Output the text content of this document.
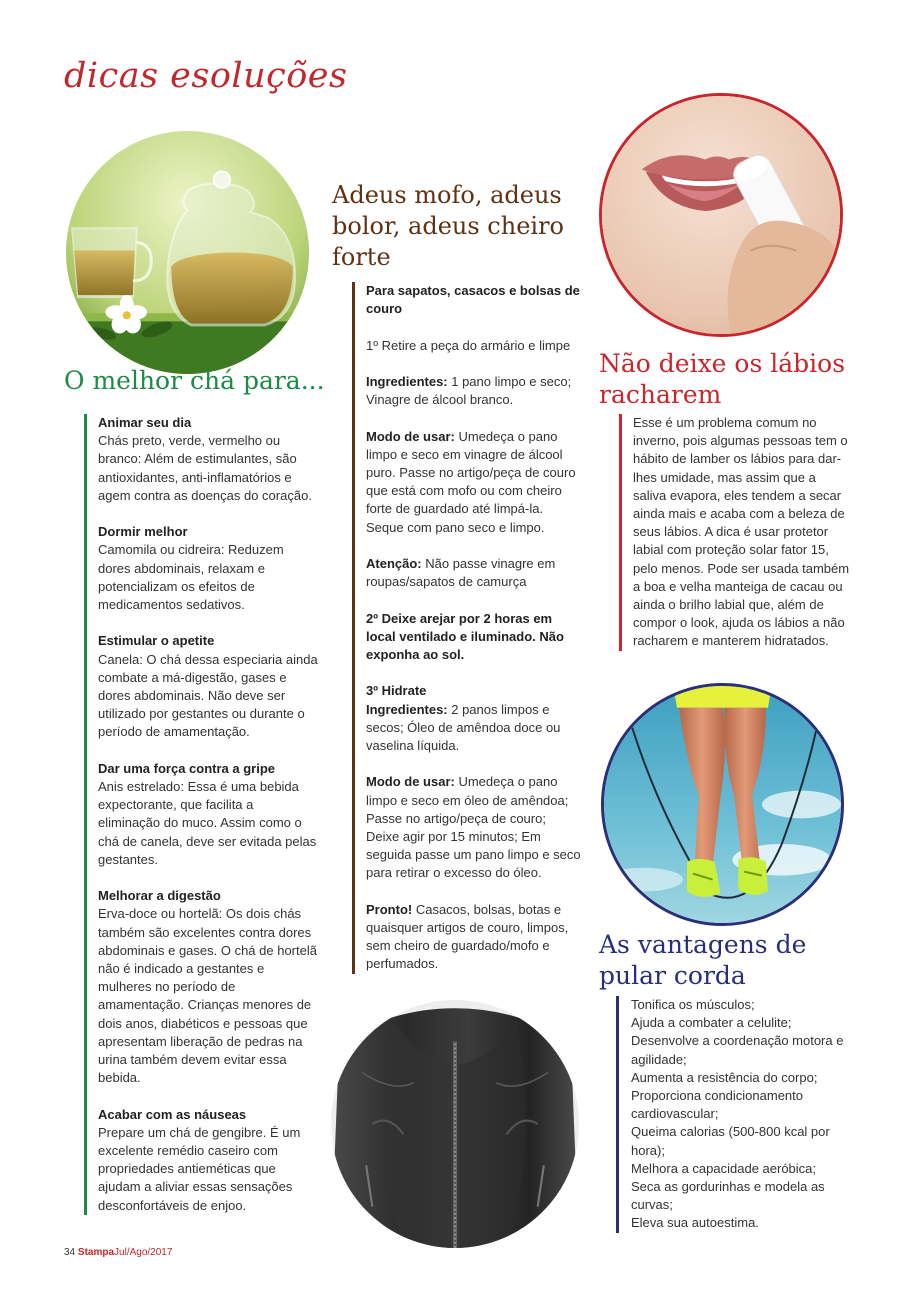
dicas esoluções
O melhor chá para...
Animar seu dia
Chás preto, verde, vermelho ou branco: Além de estimulantes, são antioxidantes, anti-inflamatórios e agem contra as doenças do coração.
Dormir melhor
Camomila ou cidreira: Reduzem dores abdominais, relaxam e potencializam os efeitos de medicamentos sedativos.
Estimular o apetite
Canela: O chá dessa especiaria ainda combate a má-digestão, gases e dores abdominais. Não deve ser utilizado por gestantes ou durante o período de amamentação.
Dar uma força contra a gripe
Anis estrelado: Essa é uma bebida expectorante, que facilita a eliminação do muco. Assim como o chá de canela, deve ser evitada pelas gestantes.
Melhorar a digestão
Erva-doce ou hortelã: Os dois chás também são excelentes contra dores abdominais e gases. O chá de hortelã não é indicado a gestantes e mulheres no período de amamentação. Crianças menores de dois anos, diabéticos e pessoas que apresentam liberação de pedras na urina também devem evitar essa bebida.
Acabar com as náuseas
Prepare um chá de gengibre. É um excelente remédio caseiro com propriedades antieméticas que ajudam a aliviar essas sensações desconfortáveis de enjoo.
Adeus mofo, adeus bolor, adeus cheiro forte
Para sapatos, casacos e bolsas de couro
1º Retire a peça do armário e limpe
Ingredientes: 1 pano limpo e seco; Vinagre de álcool branco.
Modo de usar: Umedeça o pano limpo e seco em vinagre de álcool puro. Passe no artigo/peça de couro que está com mofo ou com cheiro forte de guardado até limpá-la. Seque com pano seco e limpo.
Atenção: Não passe vinagre em roupas/sapatos de camurça
2º Deixe arejar por 2 horas em local ventilado e iluminado. Não exponha ao sol.
3º Hidrate
Ingredientes: 2 panos limpos e secos; Óleo de amêndoa doce ou vaselina líquida.
Modo de usar: Umedeça o pano limpo e seco em óleo de amêndoa; Passe no artigo/peça de couro; Deixe agir por 15 minutos; Em seguida passe um pano limpo e seco para retirar o excesso do óleo.
Pronto! Casacos, bolsas, botas e quaisquer artigos de couro, limpos, sem cheiro de guardado/mofo e perfumados.
Não deixe os lábios racharem
Esse é um problema comum no inverno, pois algumas pessoas tem o hábito de lamber os lábios para dar-lhes umidade, mas assim que a saliva evapora, eles tendem a secar ainda mais e acaba com a beleza de seus lábios. A dica é usar protetor labial com proteção solar fator 15, pelo menos. Pode ser usada também a boa e velha manteiga de cacau ou ainda o brilho labial que, além de compor o look, ajuda os lábios a não racharem e manterem hidratados.
As vantagens de pular corda
Tonifica os músculos;
Ajuda a combater a celulite;
Desenvolve a coordenação motora e agilidade;
Aumenta a resistência do corpo;
Proporciona condicionamento cardiovascular;
Queima calorias (500-800 kcal por hora);
Melhora a capacidade aeróbica;
Seca as gordurinhas e modela as curvas;
Eleva sua autoestima.
34 StampaJul/Ago/2017
